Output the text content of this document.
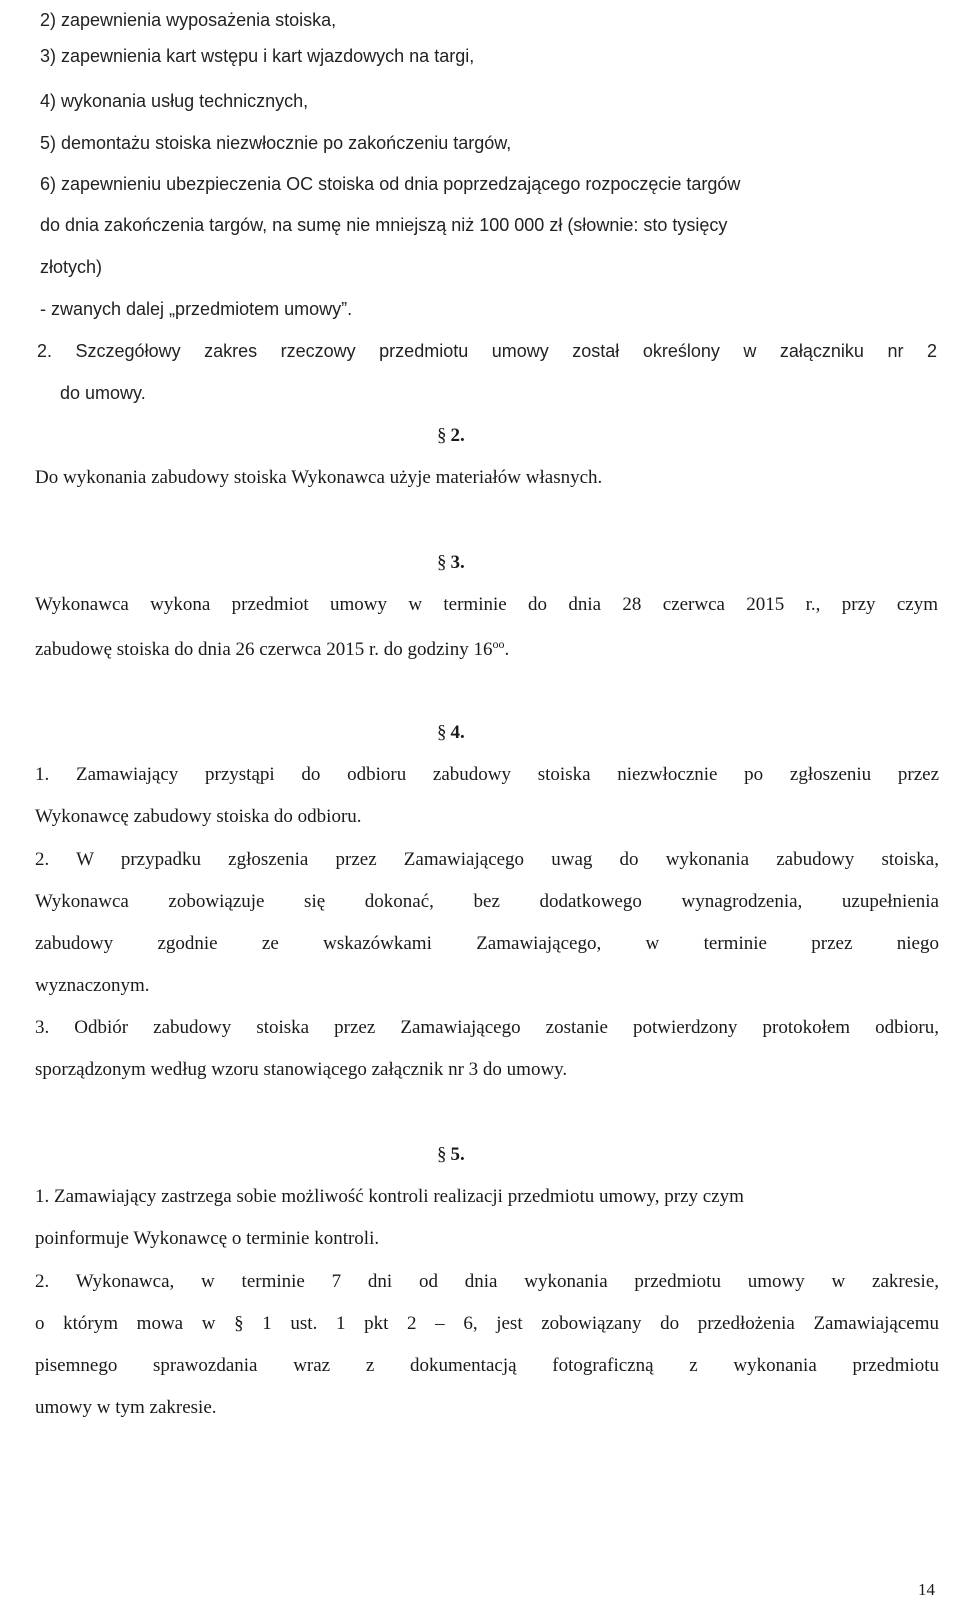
2) zapewnienia wyposażenia stoiska,
3) zapewnienia kart wstępu i kart wjazdowych na targi,
4) wykonania usług technicznych,
5) demontażu stoiska niezwłocznie po zakończeniu targów,
6) zapewnieniu ubezpieczenia OC stoiska od dnia poprzedzającego rozpoczęcie targów
do dnia zakończenia targów, na sumę nie mniejszą niż 100 000 zł (słownie: sto tysięcy
złotych)
- zwanych dalej „przedmiotem umowy”.
2. Szczegółowy zakres rzeczowy przedmiotu umowy został określony w załączniku nr 2
do umowy.
§ 2.
Do wykonania zabudowy stoiska Wykonawca użyje materiałów własnych.
§ 3.
Wykonawca wykona przedmiot umowy w terminie do dnia 28 czerwca 2015 r., przy czym
zabudowę stoiska do dnia 26 czerwca 2015 r. do godziny $16^{oo}$.
§ 4.
1. Zamawiający przystąpi do odbioru zabudowy stoiska niezwłocznie po zgłoszeniu przez
Wykonawcę zabudowy stoiska do odbioru.
2. W przypadku zgłoszenia przez Zamawiającego uwag do wykonania zabudowy stoiska,
Wykonawca zobowiązuje się dokonać, bez dodatkowego wynagrodzenia, uzupełnienia
zabudowy zgodnie ze wskazówkami Zamawiającego, w terminie przez niego
wyznaczonym.
3. Odbiór zabudowy stoiska przez Zamawiającego zostanie potwierdzony protokołem odbioru,
sporządzonym według wzoru stanowiącego załącznik nr 3 do umowy.
§ 5.
1. Zamawiający zastrzega sobie możliwość kontroli realizacji przedmiotu umowy, przy czym
poinformuje Wykonawcę o terminie kontroli.
2. Wykonawca, w terminie 7 dni od dnia wykonania przedmiotu umowy w zakresie,
o którym mowa w § 1 ust. 1 pkt 2 – 6, jest zobowiązany do przedłożenia Zamawiającemu
pisemnego sprawozdania wraz z dokumentacją fotograficzną z wykonania przedmiotu
umowy w tym zakresie.
14
